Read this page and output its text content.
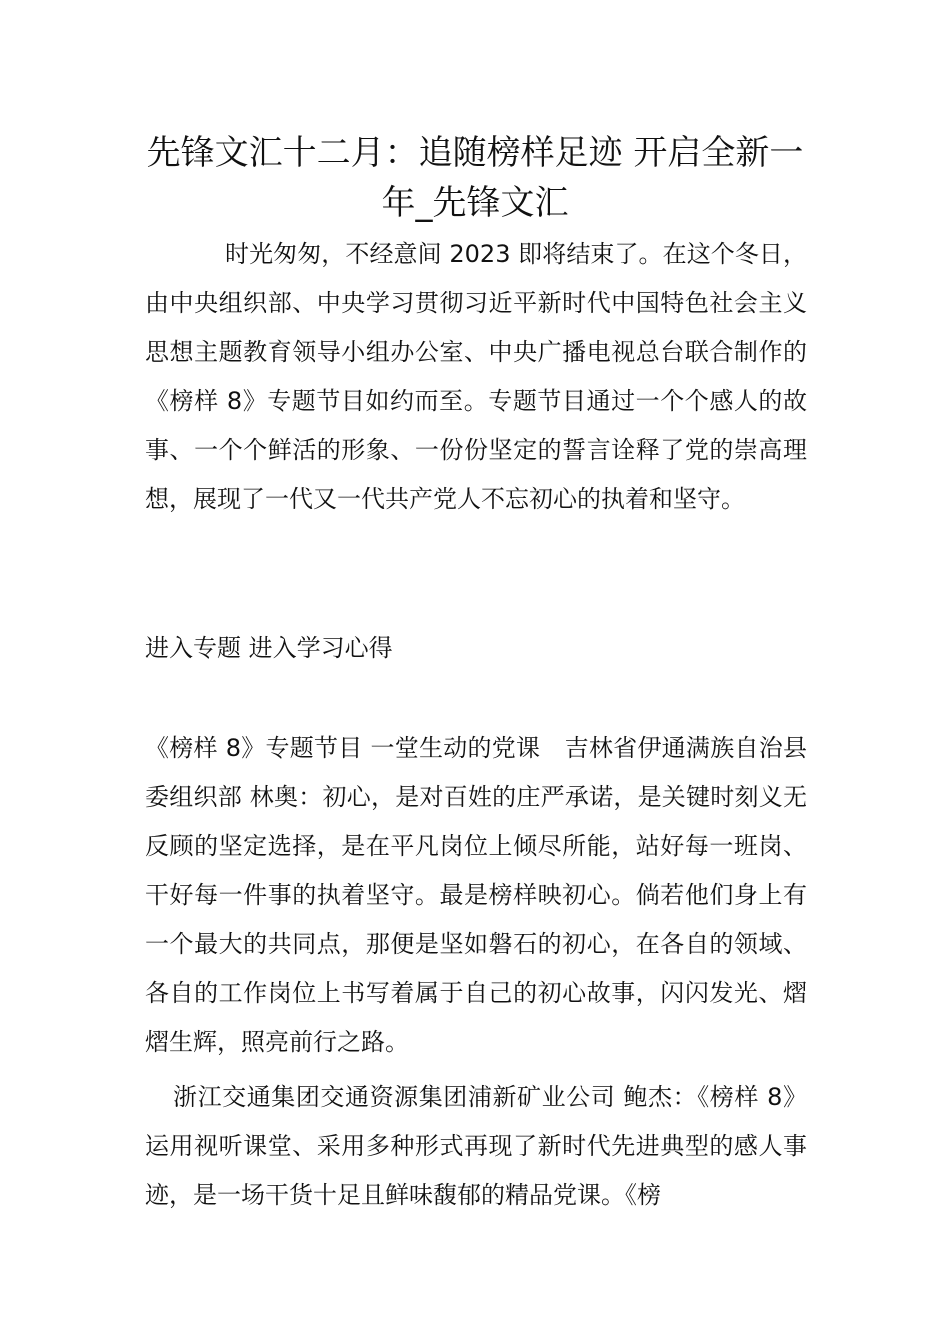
先锋文汇十二月：追随榜样足迹 开启全新一年_先锋文汇

时光匆匆，不经意间 2023 即将结束了。在这个冬日，由中央组织部、中央学习贯彻习近平新时代中国特色社会主义思想主题教育领导小组办公室、中央广播电视总台联合制作的《榜样 8》专题节目如约而至。专题节目通过一个个感人的故事、一个个鲜活的形象、一份份坚定的誓言诠释了党的崇高理想，展现了一代又一代共产党人不忘初心的执着和坚守。

进入专题 进入学习心得

《榜样 8》专题节目 一堂生动的党课　吉林省伊通满族自治县委组织部 林奥：初心，是对百姓的庄严承诺，是关键时刻义无反顾的坚定选择，是在平凡岗位上倾尽所能，站好每一班岗、干好每一件事的执着坚守。最是榜样映初心。倘若他们身上有一个最大的共同点，那便是坚如磐石的初心，在各自的领域、各自的工作岗位上书写着属于自己的初心故事，闪闪发光、熠熠生辉，照亮前行之路。

浙江交通集团交通资源集团浦新矿业公司 鲍杰：《榜样 8》运用视听课堂、采用多种形式再现了新时代先进典型的感人事迹，是一场干货十足且鲜味馥郁的精品党课。《榜
